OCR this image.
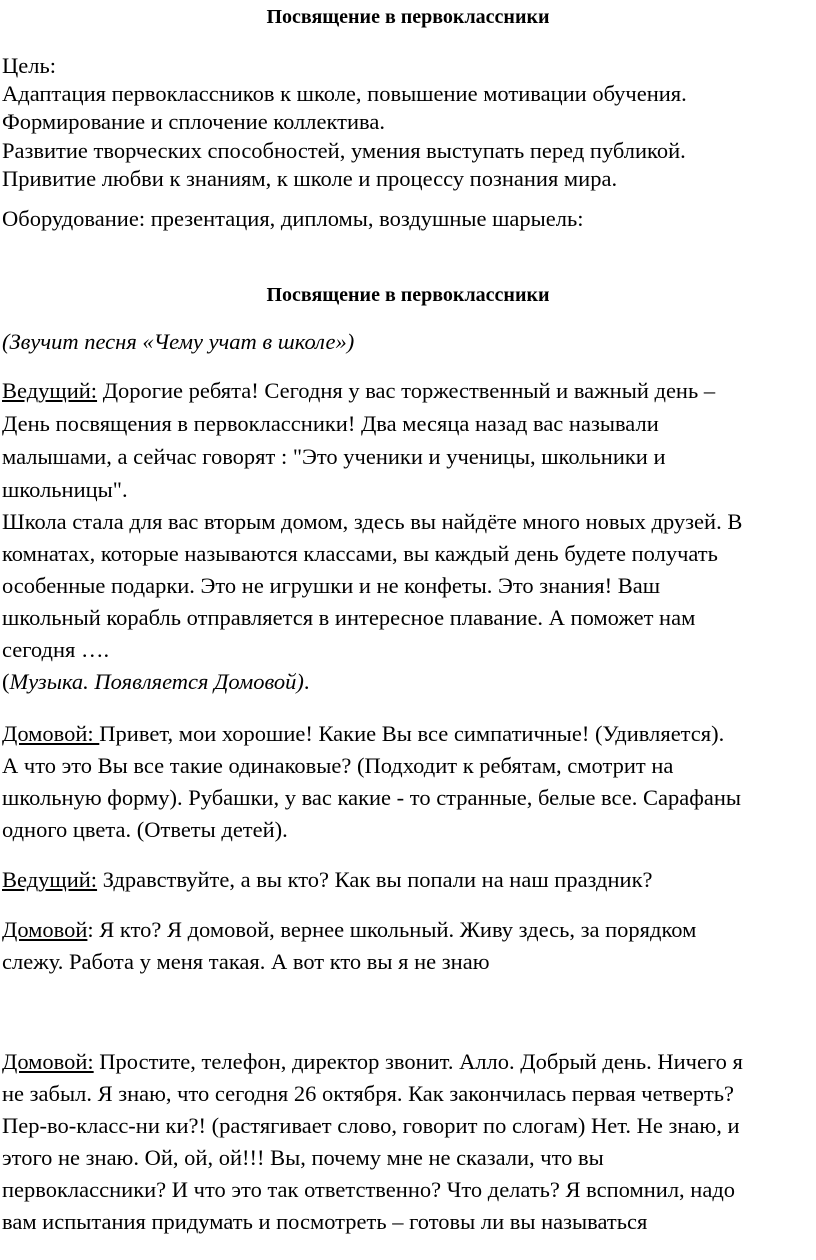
Посвящение в первоклассники
Цель:
Адаптация первоклассников к школе, повышение мотивации обучения.
Формирование и сплочение коллектива.
Развитие творческих способностей, умения выступать перед публикой.
Привитие любви к знаниям, к школе и процессу познания мира.
Оборудование: презентация, дипломы, воздушные шарыель:
Посвящение в первоклассники
(Звучит песня «Чему учат в школе»)
Ведущий: Дорогие ребята! Сегодня у вас торжественный и важный день –
День посвящения в первоклассники! Два месяца назад вас называли
малышами, а сейчас говорят : "Это ученики и ученицы, школьники и
школьницы".
Школа стала для вас вторым домом, здесь вы найдёте много новых друзей. В
комнатах, которые называются классами, вы каждый день будете получать
особенные подарки. Это не игрушки и не конфеты. Это знания! Ваш
школьный корабль отправляется в интересное плавание. А поможет нам
сегодня ….
(Музыка. Появляется Домовой).
Домовой: Привет, мои хорошие! Какие Вы все симпатичные! (Удивляется).
А что это Вы все такие одинаковые? (Подходит к ребятам, смотрит на
школьную форму). Рубашки, у вас какие - то странные, белые все. Сарафаны
одного цвета. (Ответы детей).
Ведущий: Здравствуйте, а вы кто? Как вы попали на наш праздник?
Домовой: Я кто? Я домовой, вернее школьный. Живу здесь, за порядком
слежу. Работа у меня такая. А вот кто вы я не знаю
Домовой: Простите, телефон, директор звонит. Алло. Добрый день. Ничего я
не забыл. Я знаю, что сегодня 26 октября. Как закончилась первая четверть?
Пер-во-класс-ни ки?! (растягивает слово, говорит по слогам) Нет. Не знаю, и
этого не знаю. Ой, ой, ой!!! Вы, почему мне не сказали, что вы
первоклассники? И что это так ответственно? Что делать? Я вспомнил, надо
вам испытания придумать и посмотреть – готовы ли вы называться
